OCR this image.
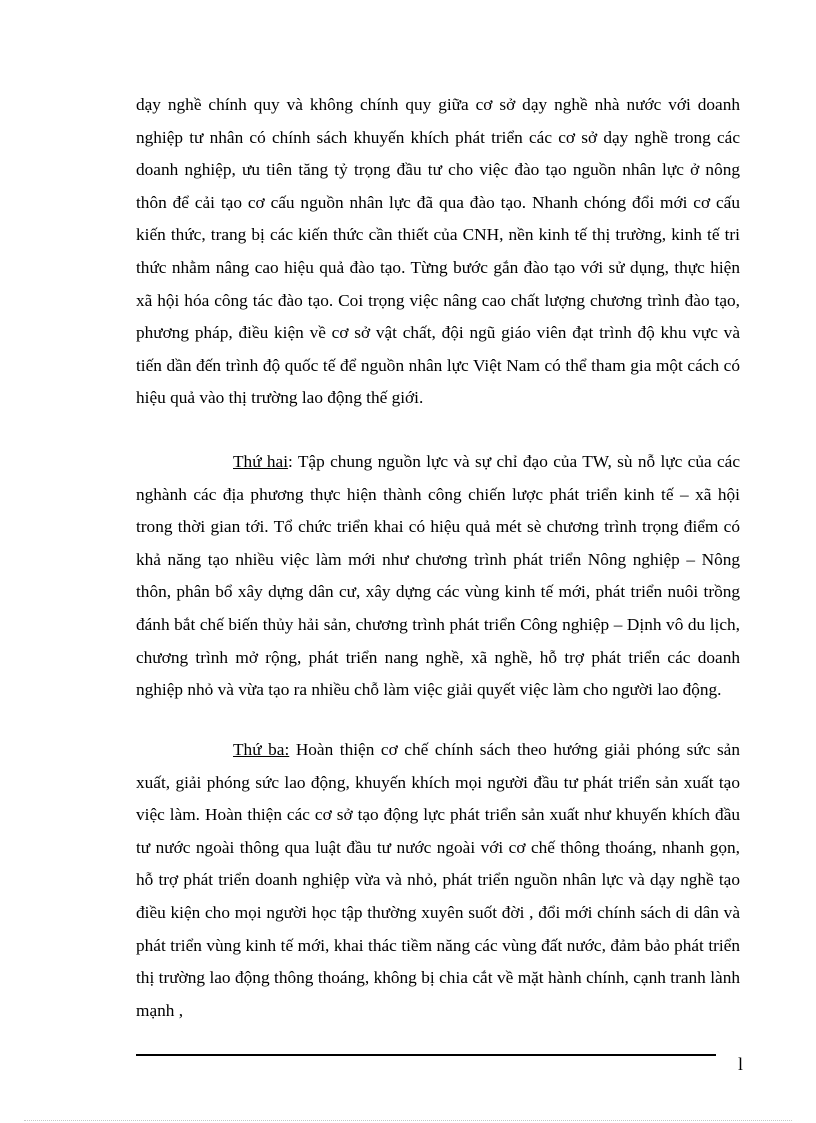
dạy nghề chính quy và không chính quy giữa cơ sở dạy nghề nhà nước với doanh nghiệp tư nhân có chính sách khuyến khích phát triển các cơ sở dạy nghề trong các doanh nghiệp, ưu tiên tăng tỷ trọng đầu tư cho việc đào tạo nguồn nhân lực ở nông thôn để cải tạo cơ cấu nguồn nhân lực đã qua đào tạo. Nhanh chóng đổi mới cơ cấu kiến thức, trang bị các kiến thức cần thiết của CNH, nền kinh tế thị trường, kinh tế tri thức nhằm nâng cao hiệu quả đào tạo. Từng bước gắn đào tạo với sử dụng, thực hiện xã hội hóa công tác đào tạo. Coi trọng việc nâng cao chất lượng chương trình đào tạo, phương pháp, điều kiện về cơ sở vật chất, đội ngũ giáo viên đạt trình độ khu vực và tiến dần đến trình độ quốc tế để nguồn nhân lực Việt Nam có thể tham gia một cách có hiệu quả vào thị trường lao động thế giới.

Thứ hai: Tập chung nguồn lực và sự chỉ đạo của TW, sù nỗ lực của các nghành các địa phương thực hiện thành công chiến lược phát triển kinh tế – xã hội trong thời gian tới. Tổ chức triển khai có hiệu quả mét sè chương trình trọng điểm có khả năng tạo nhiều việc làm mới như chương trình phát triển Nông nghiệp – Nông thôn, phân bổ xây dựng dân cư, xây dựng các vùng kinh tế mới, phát triển nuôi trồng đánh bắt chế biến thủy hải sản, chương trình phát triển Công nghiệp – Dịnh vô du lịch, chương trình mở rộng, phát triển nang nghề, xã nghề, hỗ trợ phát triển các doanh nghiệp nhỏ và vừa tạo ra nhiều chỗ làm việc giải quyết việc làm cho người lao động.

Thứ ba: Hoàn thiện cơ chế chính sách theo hướng giải phóng sức sản xuất, giải phóng sức lao động, khuyến khích mọi người đầu tư phát triển sản xuất tạo việc làm. Hoàn thiện các cơ sở tạo động lực phát triển sản xuất như khuyến khích đầu tư nước ngoài thông qua luật đầu tư nước ngoài với cơ chế thông thoáng, nhanh gọn, hỗ trợ phát triển doanh nghiệp vừa và nhỏ, phát triển nguồn nhân lực và dạy nghề tạo điều kiện cho mọi người học tập thường xuyên suốt đời , đổi mới chính sách di dân và phát triển vùng kinh tế mới, khai thác tiềm năng các vùng đất nước, đảm bảo phát triển thị trường lao động thông thoáng, không bị chia cắt về mặt hành chính, cạnh tranh lành mạnh ,

l
